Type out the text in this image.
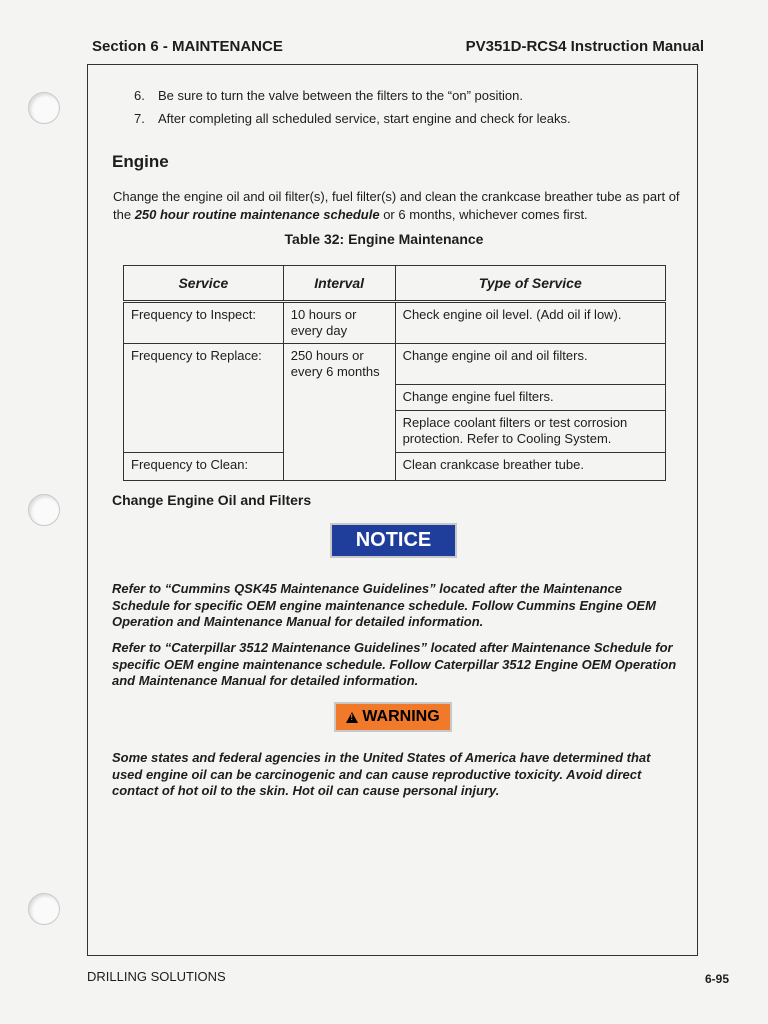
Section 6 - MAINTENANCE	PV351D-RCS4 Instruction Manual
6. Be sure to turn the valve between the filters to the “on” position.
7. After completing all scheduled service, start engine and check for leaks.
Engine

Change the engine oil and oil filter(s), fuel filter(s) and clean the crankcase breather tube as part of the 250 hour routine maintenance schedule or 6 months, whichever comes first.

Table 32: Engine Maintenance
Service	Interval	Type of Service
Frequency to Inspect:	10 hours or every day	Check engine oil level. (Add oil if low).
Frequency to Replace:	250 hours or every 6 months	Change engine oil and oil filters.
		Change engine fuel filters.
		Replace coolant filters or test corrosion protection. Refer to Cooling System.
Frequency to Clean:		Clean crankcase breather tube.
Change Engine Oil and Filters
NOTICE

Refer to “Cummins QSK45 Maintenance Guidelines” located after the Maintenance Schedule for specific OEM engine maintenance schedule. Follow Cummins Engine OEM Operation and Maintenance Manual for detailed information.

Refer to “Caterpillar 3512 Maintenance Guidelines” located after Maintenance Schedule for specific OEM engine maintenance schedule. Follow Caterpillar 3512 Engine OEM Operation and Maintenance Manual for detailed information.

!
WARNING

Some states and federal agencies in the United States of America have determined that used engine oil can be carcinogenic and can cause reproductive toxicity. Avoid direct contact of hot oil to the skin. Hot oil can cause personal injury.

DRILLING SOLUTIONS	6-95
